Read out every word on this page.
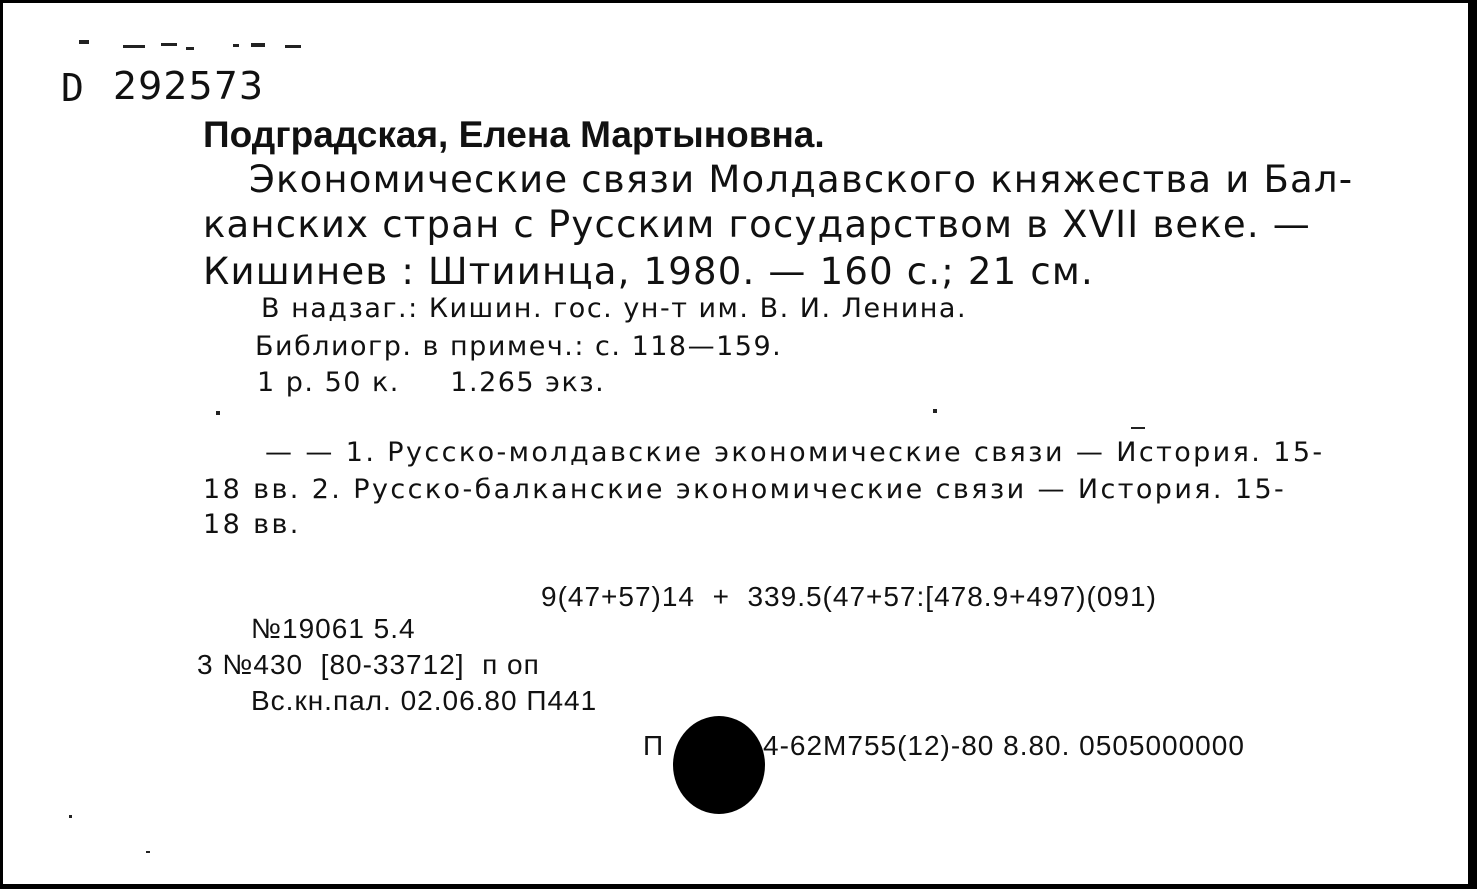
D 292573
Подградская, Елена Мартыновна.
Экономические связи Молдавского княжества и Бал-
канских стран с Русским государством в XVII веке. —
Кишинев : Штиинца, 1980. — 160 с.; 21 см.
В надзаг.: Кишин. гос. ун-т им. В. И. Ленина.
Библиогр. в примеч.: с. 118—159.
1 р. 50 к.     1.265 экз.
— — 1. Русско-молдавские экономические связи — История. 15-
18 вв. 2. Русско-балканские экономические связи — История. 15-
18 вв.
9(47+57)14  +  339.5(47+57:[478.9+497)(091)
№19061 5.4
3 №430  [80-33712]  п оп
Вс.кн.пал. 02.06.80 П441
П	4-62М755(12)-80 8.80. 0505000000
